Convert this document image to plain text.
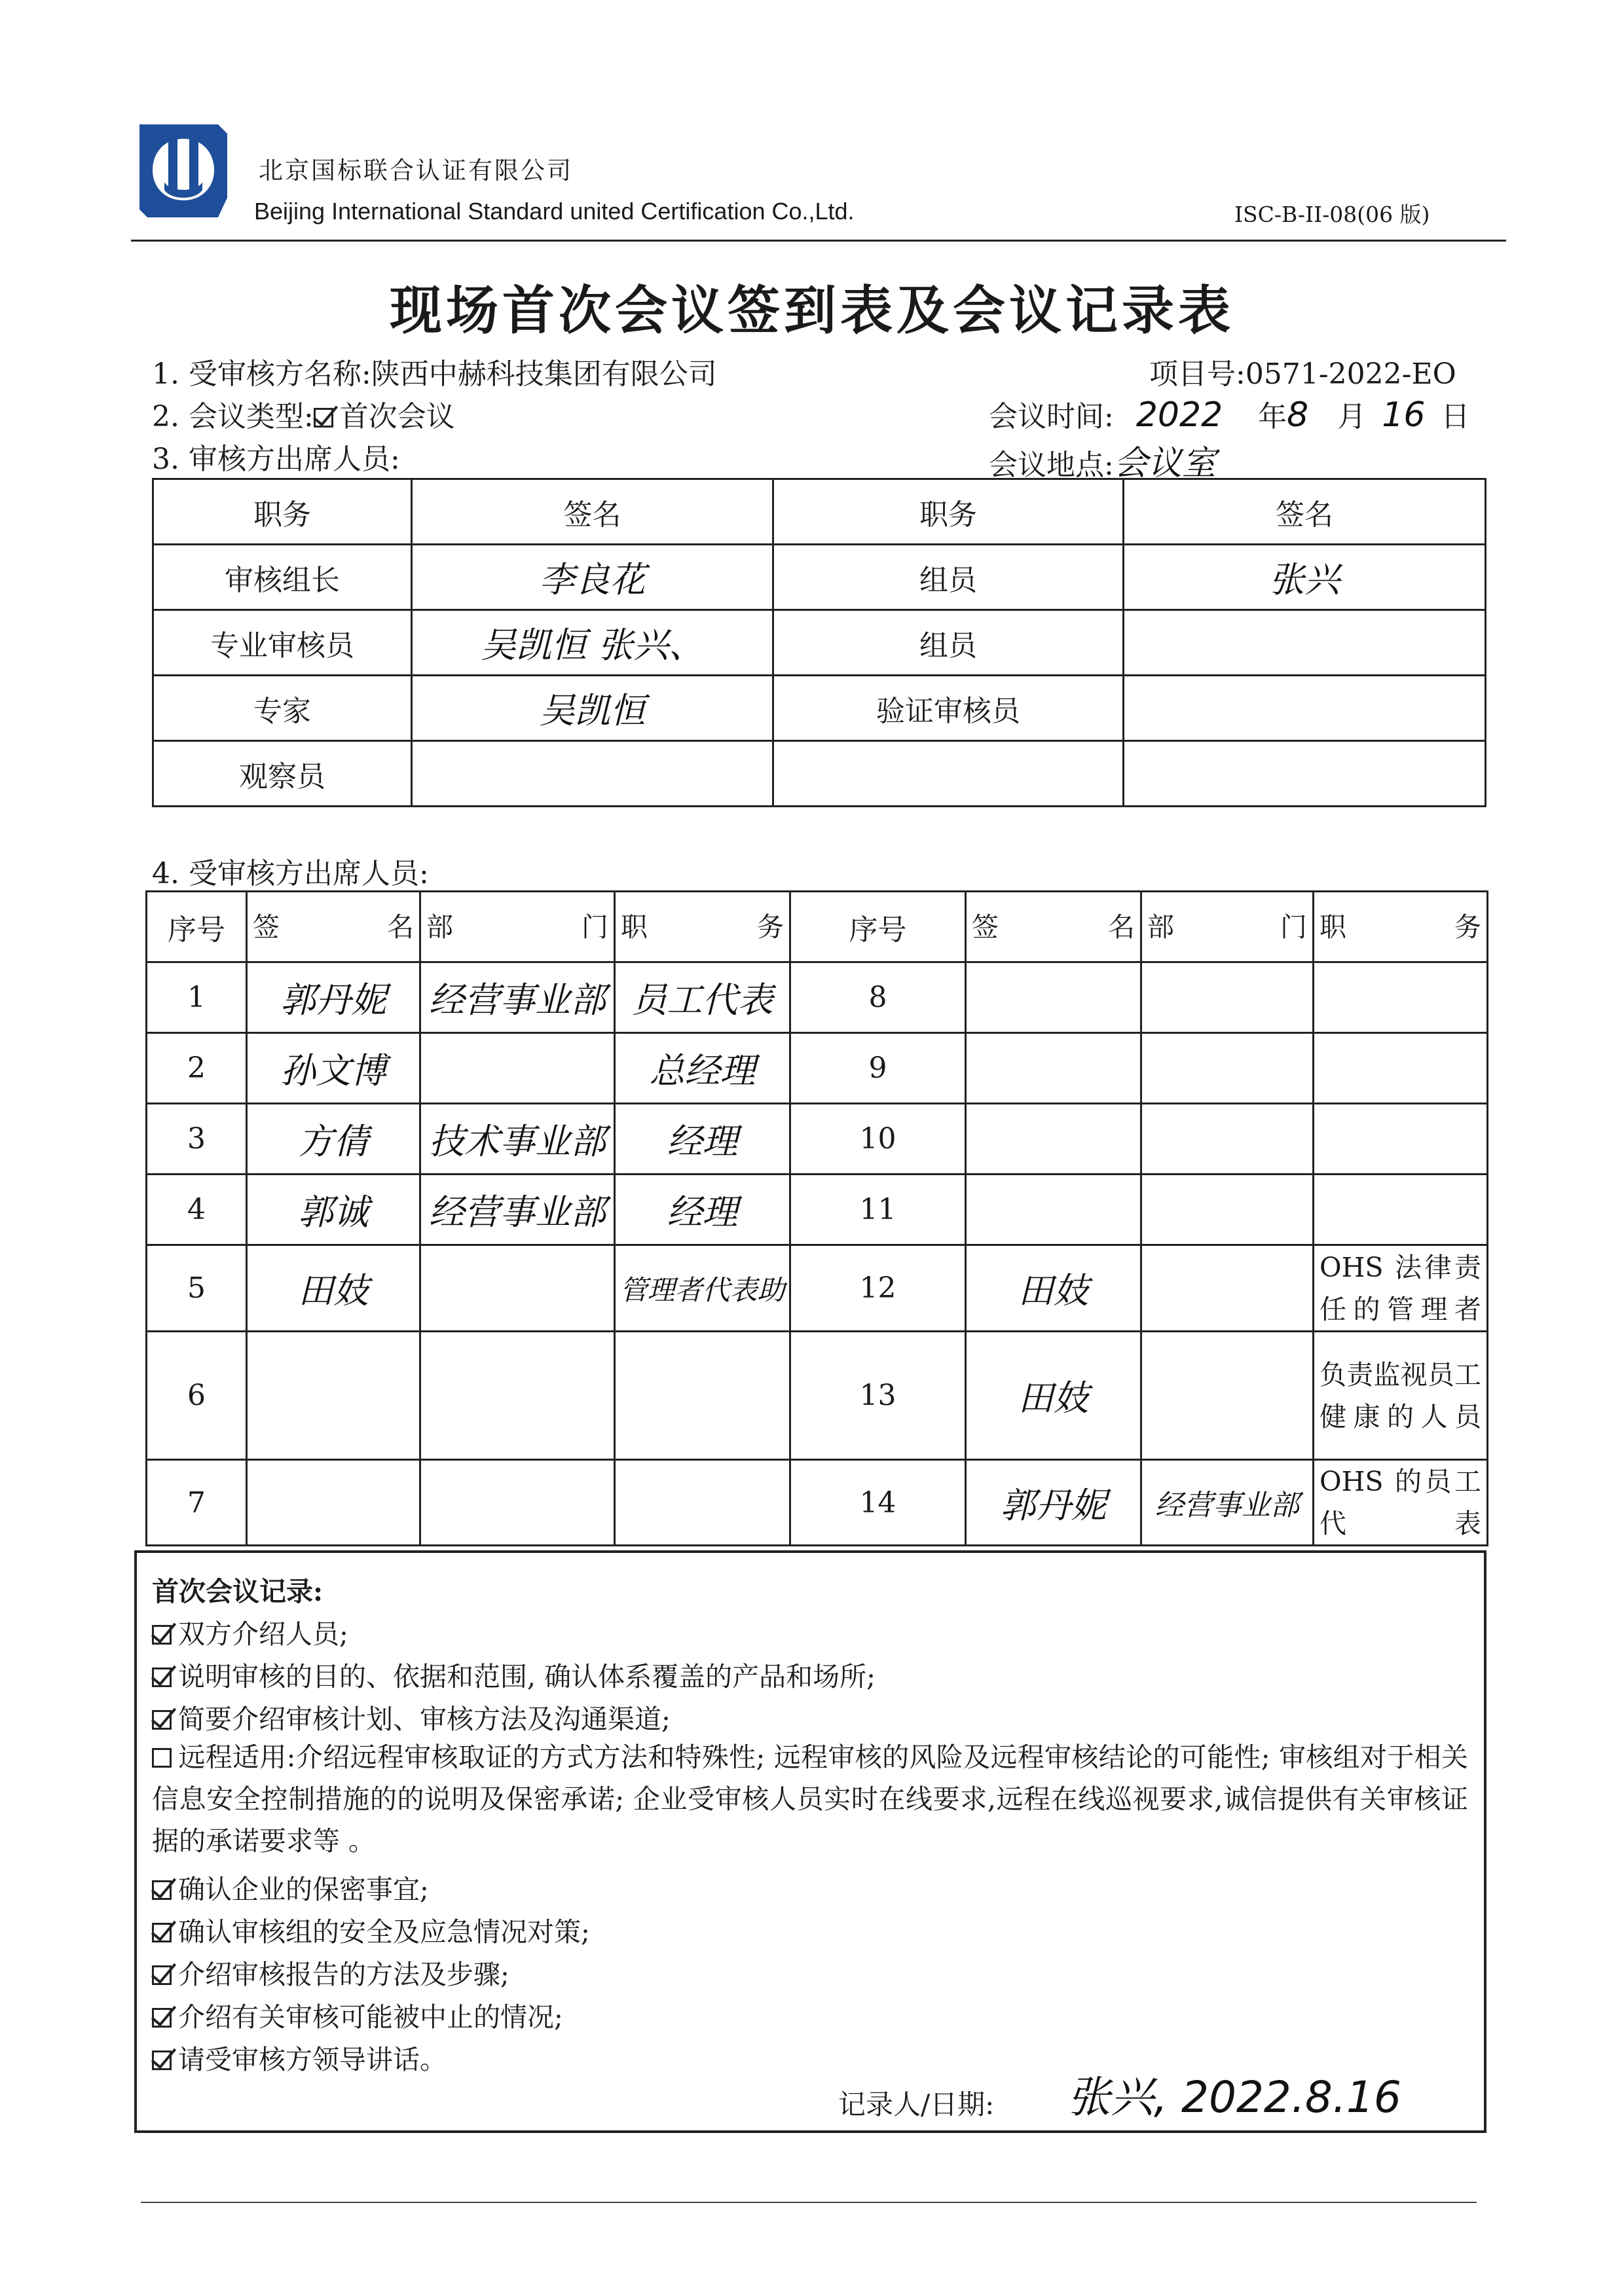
北京国标联合认证有限公司
Beijing International Standard united Certification Co.,Ltd.	ISC-B-II-08(06 版)
现场首次会议签到表及会议记录表
1. 受审核方名称:陕西中赫科技集团有限公司	项目号:0571-2022-EO
2. 会议类型: 首次会议	会议时间: 2022 年8 月 16 日
3. 审核方出席人员:	会议地点:会议室
职务	签名	职务	签名
审核组长	李良花	组员	张兴
专业审核员	吴凯恒 张兴、	组员	
专家	吴凯恒	验证审核员	
观察员			
4. 受审核方出席人员:
序号	签名	部门	职务	序号	签名	部门	职务
1	郭丹妮	经营事业部	员工代表	8			
2	孙文博		总经理	9			
3	方倩	技术事业部	经理	10			
4	郭诚	经营事业部	经理	11			
5	田妓		管理者代表助	12	田妓		OHS 法律责任的管理者
6				13	田妓		负责监视员工健康的人员
7				14	郭丹妮	经营事业部	OHS 的员工代表
首次会议记录:
双方介绍人员;
说明审核的目的、依据和范围, 确认体系覆盖的产品和场所;
简要介绍审核计划、审核方法及沟通渠道;
远程适用:介绍远程审核取证的方式方法和特殊性; 远程审核的风险及远程审核结论的可能性; 审核组对于相关信息安全控制措施的的说明及保密承诺; 企业受审核人员实时在线要求,远程在线巡视要求,诚信提供有关审核证据的承诺要求等 。
确认企业的保密事宜;
确认审核组的安全及应急情况对策;
介绍审核报告的方法及步骤;
介绍有关审核可能被中止的情况;
请受审核方领导讲话。
记录人/日期: 张兴, 2022.8.16
